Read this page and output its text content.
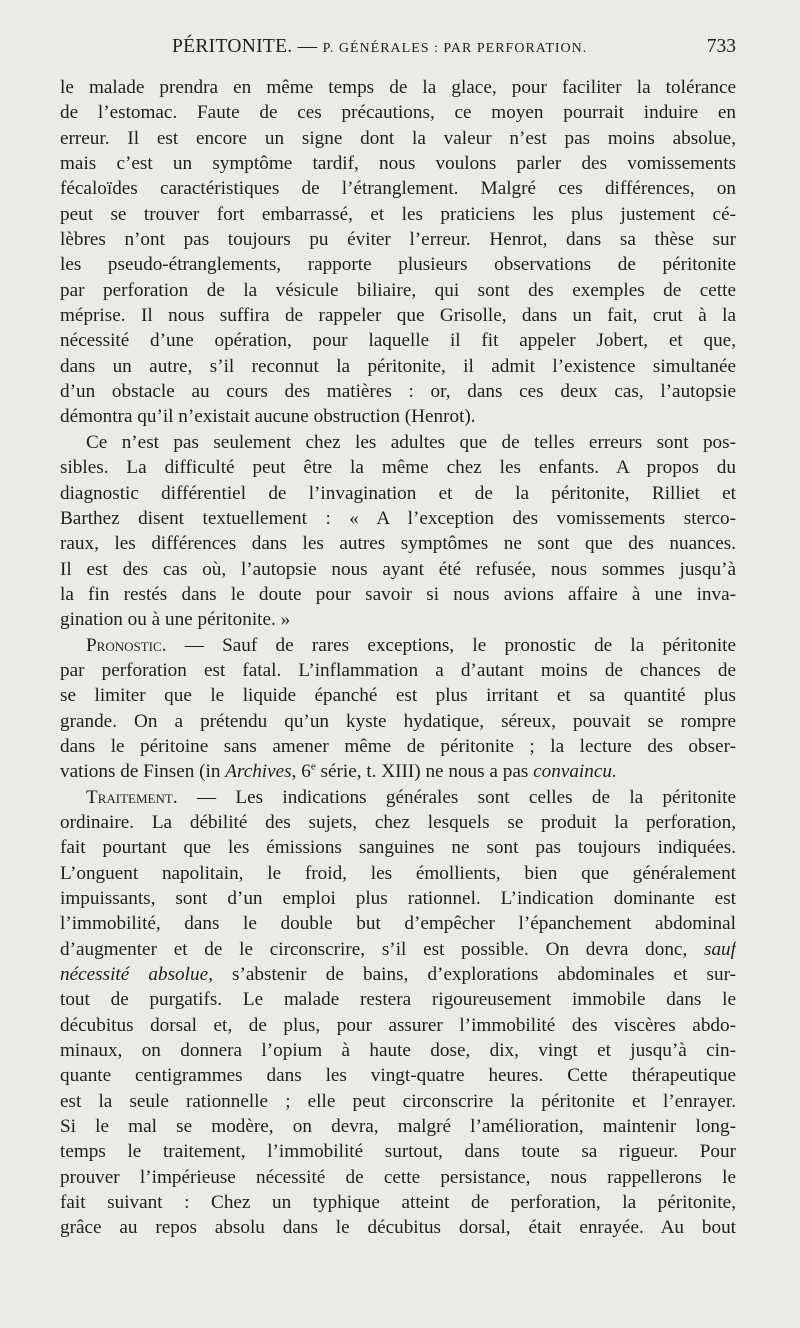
PÉRITONITE. — P. GÉNÉRALES : PAR PERFORATION.	733
le malade prendra en même temps de la glace, pour faciliter la tolérance
de l’estomac. Faute de ces précautions, ce moyen pourrait induire en
erreur. Il est encore un signe dont la valeur n’est pas moins absolue,
mais c’est un symptôme tardif, nous voulons parler des vomissements
fécaloïdes caractéristiques de l’étranglement. Malgré ces différences, on
peut se trouver fort embarrassé, et les praticiens les plus justement cé-
lèbres n’ont pas toujours pu éviter l’erreur. Henrot, dans sa thèse sur
les pseudo-étranglements, rapporte plusieurs observations de péritonite
par perforation de la vésicule biliaire, qui sont des exemples de cette
méprise. Il nous suffira de rappeler que Grisolle, dans un fait, crut à la
nécessité d’une opération, pour laquelle il fit appeler Jobert, et que,
dans un autre, s’il reconnut la péritonite, il admit l’existence simultanée
d’un obstacle au cours des matières : or, dans ces deux cas, l’autopsie
démontra qu’il n’existait aucune obstruction (Henrot).
Ce n’est pas seulement chez les adultes que de telles erreurs sont pos-
sibles. La difficulté peut être la même chez les enfants. A propos du
diagnostic différentiel de l’invagination et de la péritonite, Rilliet et
Barthez disent textuellement : « A l’exception des vomissements sterco-
raux, les différences dans les autres symptômes ne sont que des nuances.
Il est des cas où, l’autopsie nous ayant été refusée, nous sommes jusqu’à
la fin restés dans le doute pour savoir si nous avions affaire à une inva-
gination ou à une péritonite. »
Pronostic. — Sauf de rares exceptions, le pronostic de la péritonite
par perforation est fatal. L’inflammation a d’autant moins de chances de
se limiter que le liquide épanché est plus irritant et sa quantité plus
grande. On a prétendu qu’un kyste hydatique, séreux, pouvait se rompre
dans le péritoine sans amener même de péritonite ; la lecture des obser-
vations de Finsen (in Archives, 6e série, t. XIII) ne nous a pas convaincu.
Traitement. — Les indications générales sont celles de la péritonite
ordinaire. La débilité des sujets, chez lesquels se produit la perforation,
fait pourtant que les émissions sanguines ne sont pas toujours indiquées.
L’onguent napolitain, le froid, les émollients, bien que généralement
impuissants, sont d’un emploi plus rationnel. L’indication dominante est
l’immobilité, dans le double but d’empêcher l’épanchement abdominal
d’augmenter et de le circonscrire, s’il est possible. On devra donc, sauf
nécessité absolue, s’abstenir de bains, d’explorations abdominales et sur-
tout de purgatifs. Le malade restera rigoureusement immobile dans le
décubitus dorsal et, de plus, pour assurer l’immobilité des viscères abdo-
minaux, on donnera l’opium à haute dose, dix, vingt et jusqu’à cin-
quante centigrammes dans les vingt-quatre heures. Cette thérapeutique
est la seule rationnelle ; elle peut circonscrire la péritonite et l’enrayer.
Si le mal se modère, on devra, malgré l’amélioration, maintenir long-
temps le traitement, l’immobilité surtout, dans toute sa rigueur. Pour
prouver l’impérieuse nécessité de cette persistance, nous rappellerons le
fait suivant : Chez un typhique atteint de perforation, la péritonite,
grâce au repos absolu dans le décubitus dorsal, était enrayée. Au bout
